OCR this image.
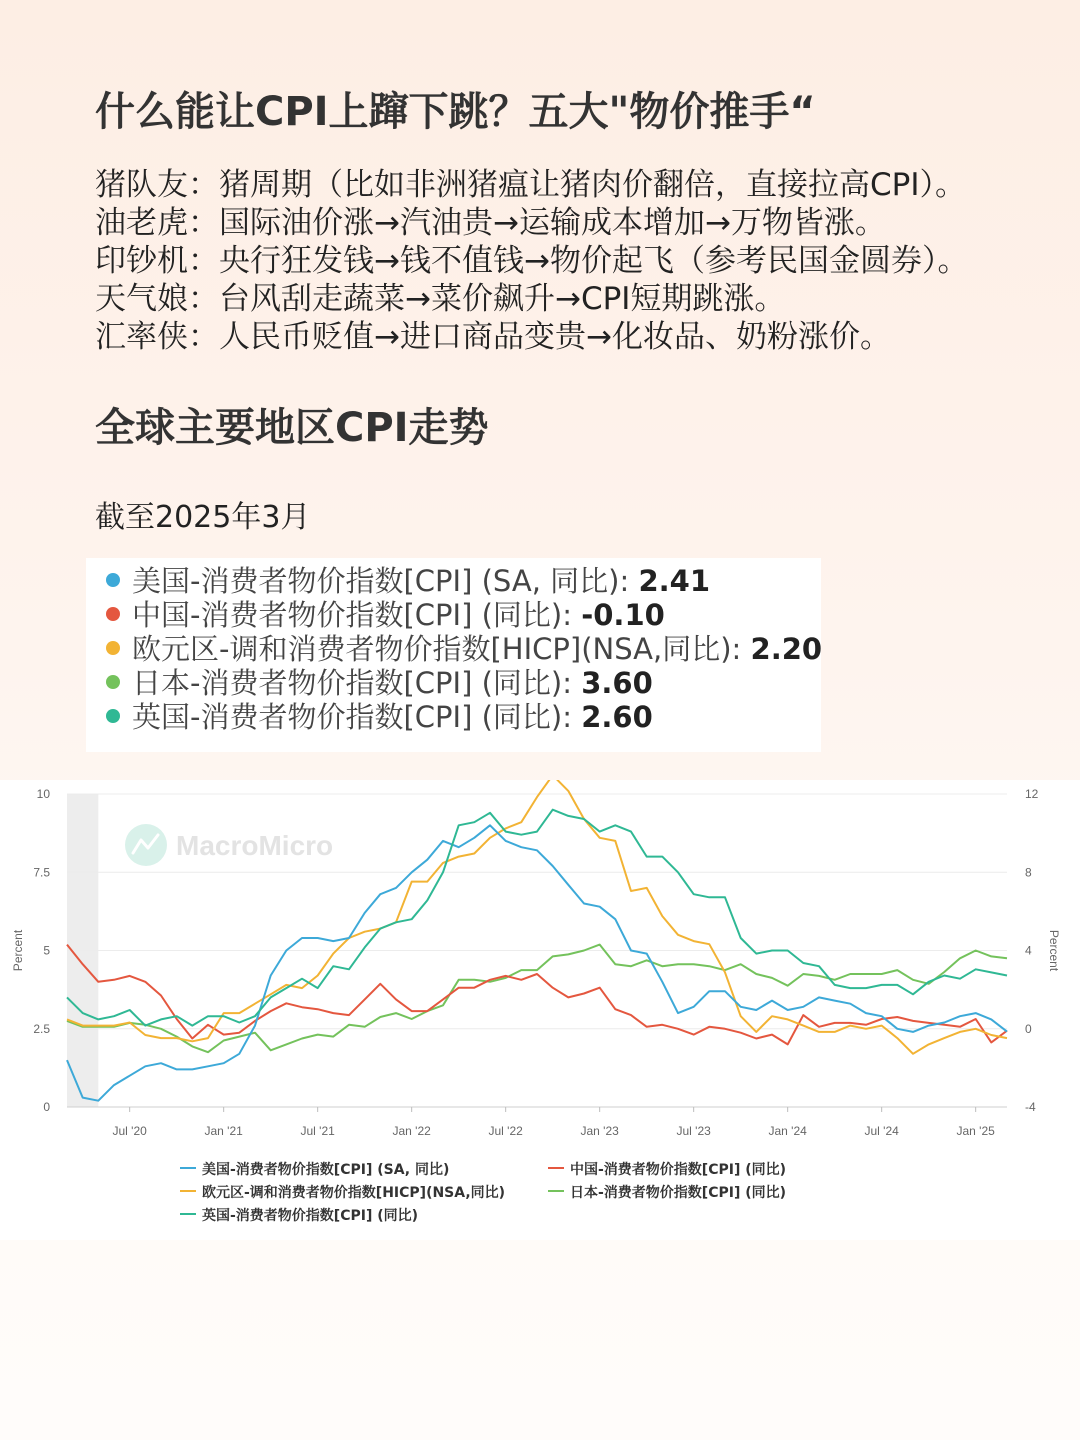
什么能让CPI上蹿下跳？五大"物价推手“
猪队友：猪周期（比如非洲猪瘟让猪肉价翻倍，直接拉高CPI）。
油老虎：国际油价涨→汽油贵→运输成本增加→万物皆涨。
印钞机：央行狂发钱→钱不值钱→物价起飞（参考民国金圆券）。
天气娘：台风刮走蔬菜→菜价飙升→CPI短期跳涨。
汇率侠：人民币贬值→进口商品变贵→化妆品、奶粉涨价。
全球主要地区CPI走势
截至2025年3月
美国-消费者物价指数[CPI] (SA, 同比): 2.41
中国-消费者物价指数[CPI] (同比): -0.10
欧元区-调和消费者物价指数[HICP](NSA,同比): 2.20
日本-消费者物价指数[CPI] (同比): 3.60
英国-消费者物价指数[CPI] (同比): 2.60
0
2.5
5
7.5
10
-4
0
4
8
12
Percent	Percent
Jul '20	Jan '21	Jul '21	Jan '22	Jul '22	Jan '23	Jul '23	Jan '24	Jul '24	Jan '25
MacroMicro
美国-消费者物价指数[CPI] (SA, 同比)	中国-消费者物价指数[CPI] (同比)
欧元区-调和消费者物价指数[HICP](NSA,同比)	日本-消费者物价指数[CPI] (同比)
英国-消费者物价指数[CPI] (同比)
